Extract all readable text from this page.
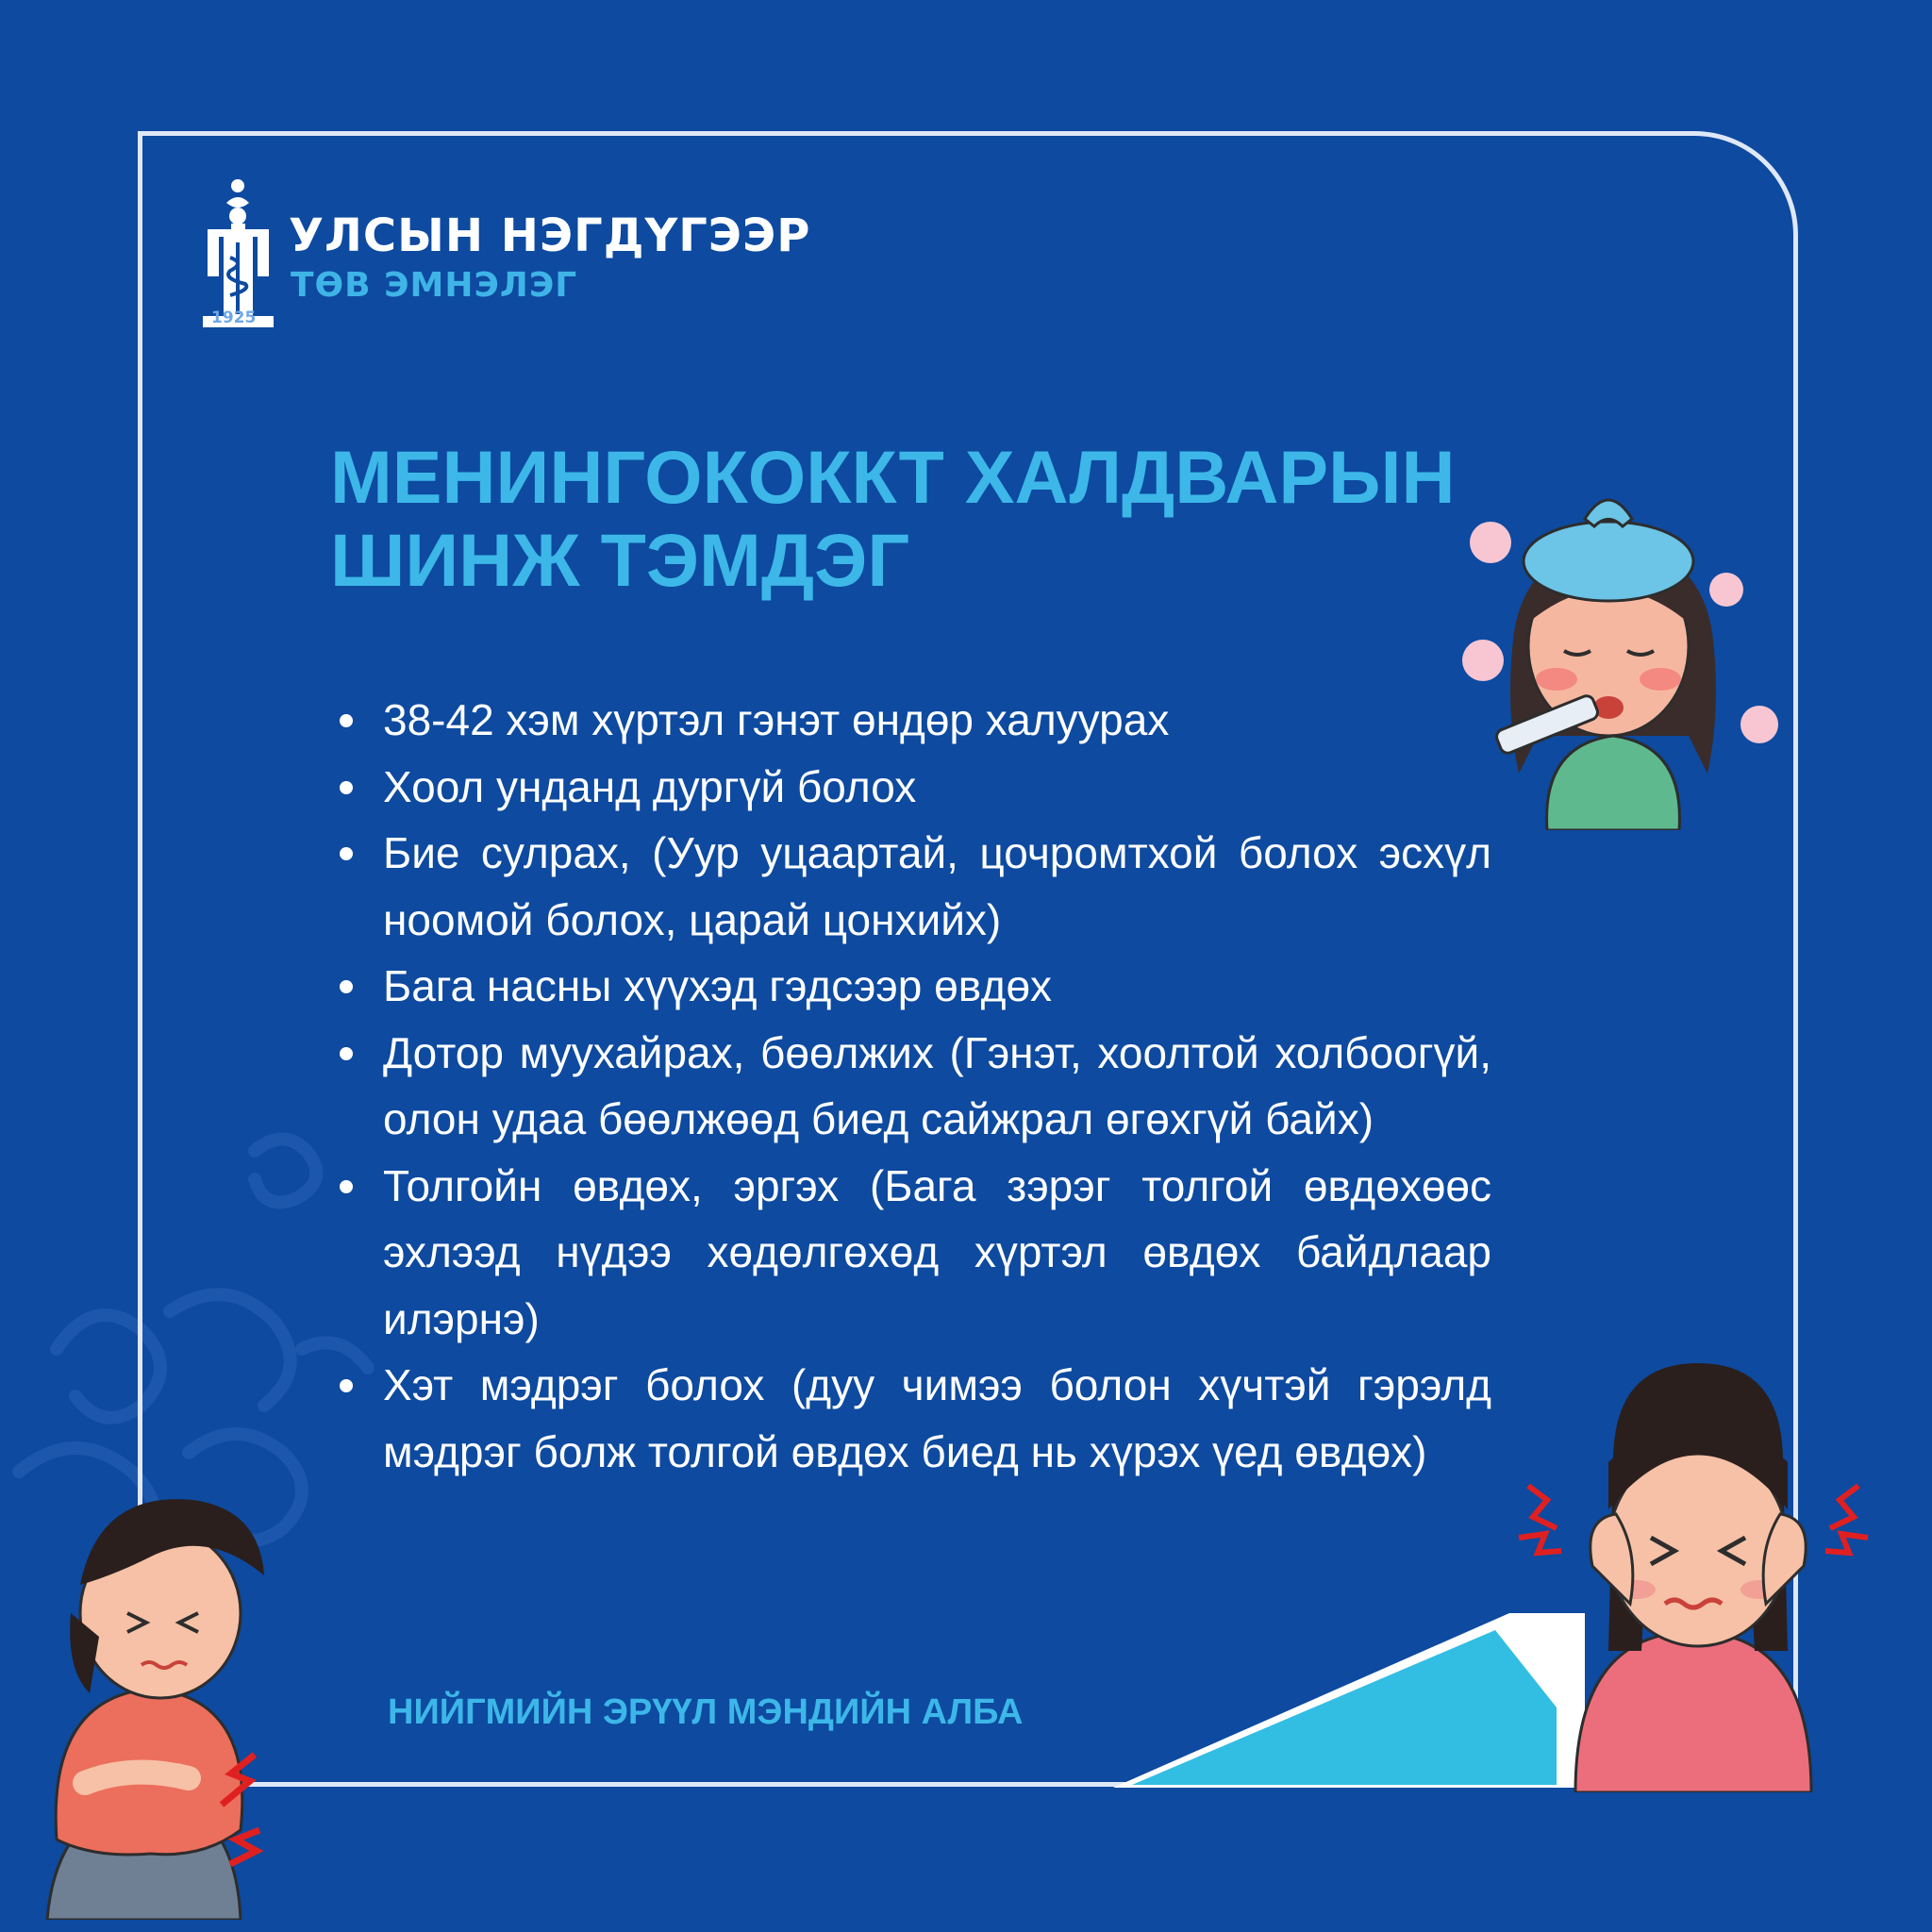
1925
УЛСЫН НЭГДҮГЭЭР
ТӨВ ЭМНЭЛЭГ
МЕНИНГОКОККТ ХАЛДВАРЫН
ШИНЖ ТЭМДЭГ
38-42 хэм хүртэл гэнэт өндөр халуурах
Хоол унданд дургүй болох
Бие сулрах, (Уур уцаартай, цочромтхой болох эсхүл ноомой болох, царай цонхийх)
Бага насны хүүхэд гэдсээр өвдөх
Дотор муухайрах, бөөлжих (Гэнэт, хоолтой холбоогүй, олон удаа бөөлжөөд биед сайжрал өгөхгүй байх)
Толгойн өвдөх, эргэх (Бага зэрэг толгой өвдөхөөс эхлээд нүдээ хөдөлгөхөд хүртэл өвдөх байдлаар илэрнэ)
Хэт мэдрэг болох (дуу чимээ болон хүчтэй гэрэлд мэдрэг болж толгой өвдөх биед нь хүрэх үед өвдөх)
НИЙГМИЙН ЭРҮҮЛ МЭНДИЙН АЛБА
